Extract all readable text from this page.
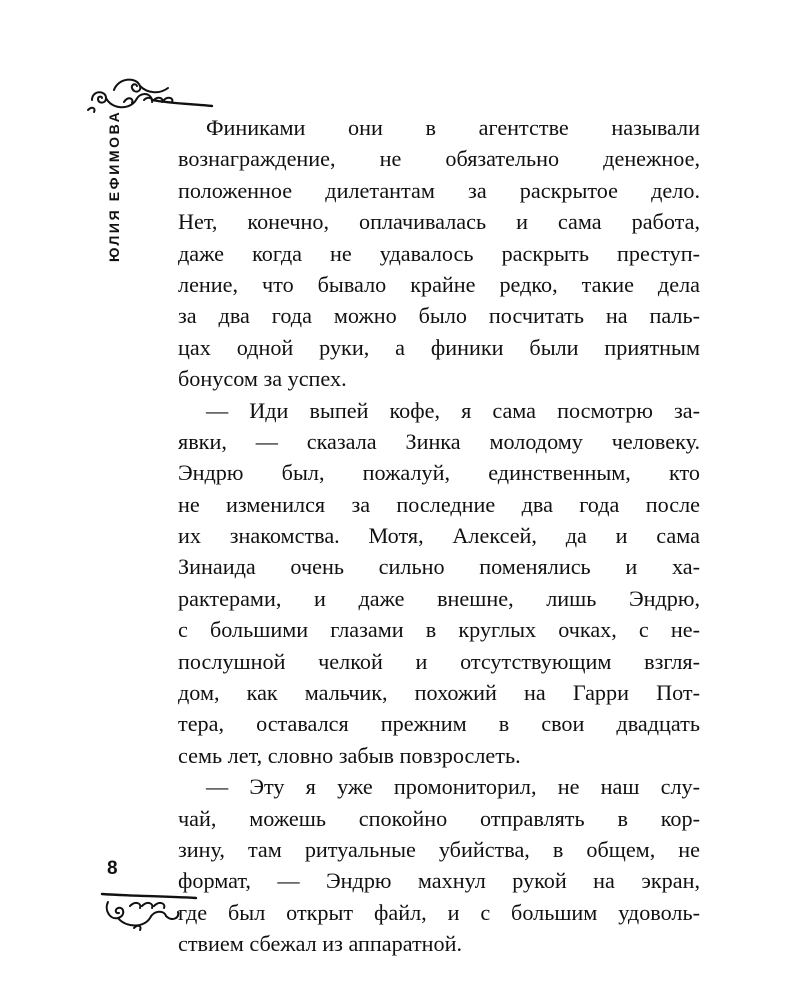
ЮЛИЯ ЕФИМОВА	Финиками они в агентстве называли
вознаграждение, не обязательно денежное,
положенное дилетантам за раскрытое дело.
Нет, конечно, оплачивалась и сама работа,
даже когда не удавалось раскрыть преступ-
ление, что бывало крайне редко, такие дела
за два года можно было посчитать на паль-
цах одной руки, а финики были приятным
бонусом за успех.
— Иди выпей кофе, я сама посмотрю за-
явки, — сказала Зинка молодому человеку.
Эндрю был, пожалуй, единственным, кто
не изменился за последние два года после
их знакомства. Мотя, Алексей, да и сама
Зинаида очень сильно поменялись и ха-
рактерами, и даже внешне, лишь Эндрю,
с большими глазами в круглых очках, с не-
послушной челкой и отсутствующим взгля-
дом, как мальчик, похожий на Гарри Пот-
тера, оставался прежним в свои двадцать
семь лет, словно забыв повзрослеть.
— Эту я уже промониторил, не наш слу-
чай, можешь спокойно отправлять в кор-
зину, там ритуальные убийства, в общем, не
формат, — Эндрю махнул рукой на экран,
где был открыт файл, и с большим удоволь-
ствием сбежал из аппаратной.
8
